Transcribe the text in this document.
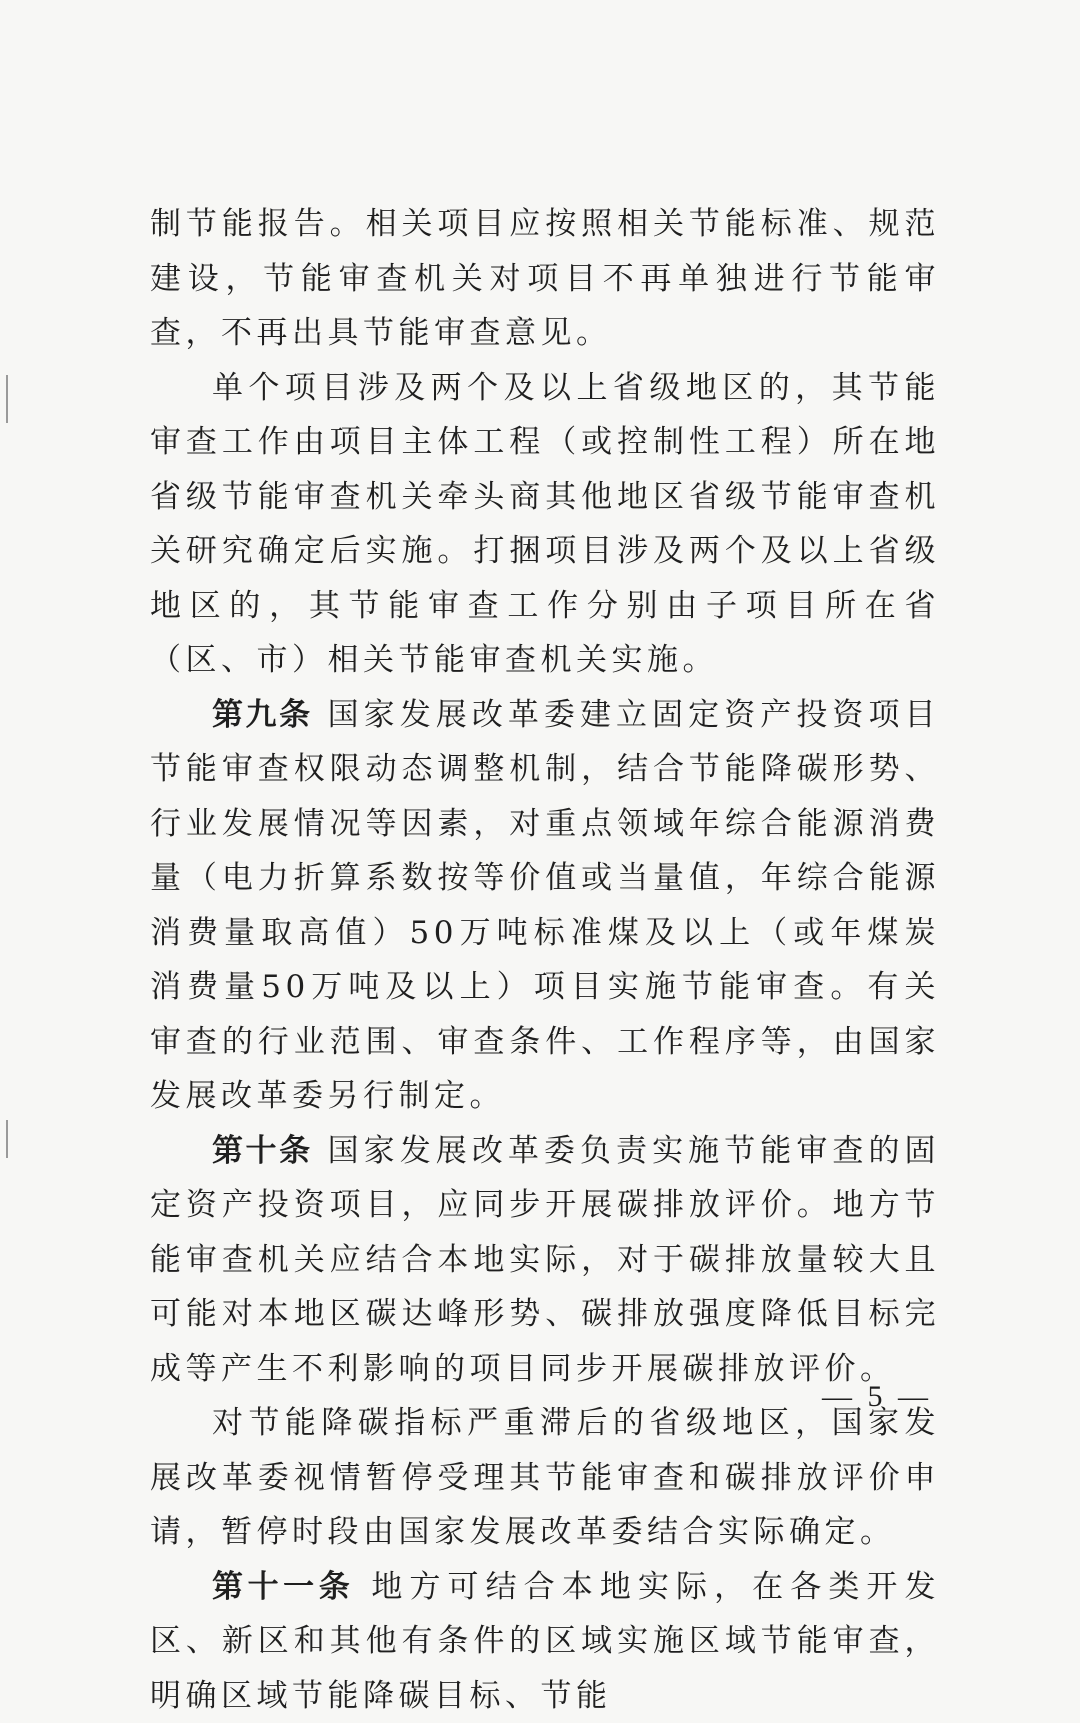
制节能报告。相关项目应按照相关节能标准、规范建设，节能审查机关对项目不再单独进行节能审查，不再出具节能审查意见。

单个项目涉及两个及以上省级地区的，其节能审查工作由项目主体工程（或控制性工程）所在地省级节能审查机关牵头商其他地区省级节能审查机关研究确定后实施。打捆项目涉及两个及以上省级地区的，其节能审查工作分别由子项目所在省（区、市）相关节能审查机关实施。

第九条 国家发展改革委建立固定资产投资项目节能审查权限动态调整机制，结合节能降碳形势、行业发展情况等因素，对重点领域年综合能源消费量（电力折算系数按等价值或当量值，年综合能源消费量取高值）50万吨标准煤及以上（或年煤炭消费量50万吨及以上）项目实施节能审查。有关审查的行业范围、审查条件、工作程序等，由国家发展改革委另行制定。

第十条 国家发展改革委负责实施节能审查的固定资产投资项目，应同步开展碳排放评价。地方节能审查机关应结合本地实际，对于碳排放量较大且可能对本地区碳达峰形势、碳排放强度降低目标完成等产生不利影响的项目同步开展碳排放评价。

对节能降碳指标严重滞后的省级地区，国家发展改革委视情暂停受理其节能审查和碳排放评价申请，暂停时段由国家发展改革委结合实际确定。

第十一条 地方可结合本地实际，在各类开发区、新区和其他有条件的区域实施区域节能审查，明确区域节能降碳目标、节能

— 5 —
